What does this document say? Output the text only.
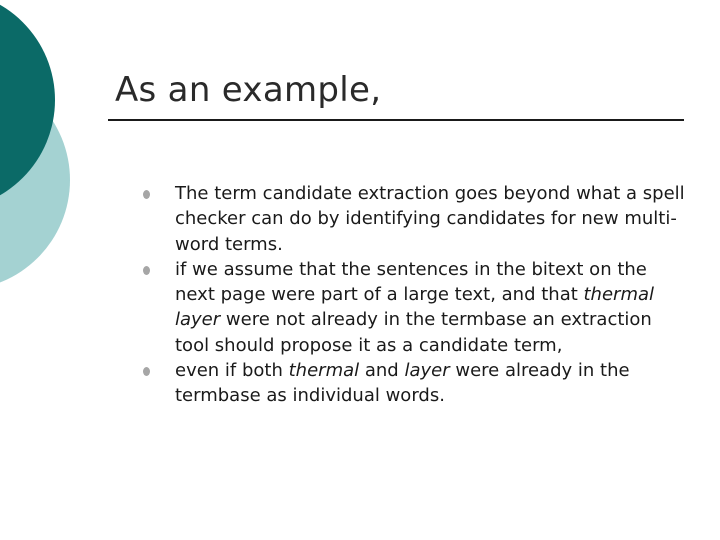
As an example,
The term candidate extraction goes beyond what a spell checker can do by identifying candidates for new multi-word terms.
if we assume that the sentences in the bitext on the next page were part of a large text, and that thermal layer were not already in the termbase an extraction tool should propose it as a candidate term,
even if both thermal and layer were already in the termbase as individual words.
